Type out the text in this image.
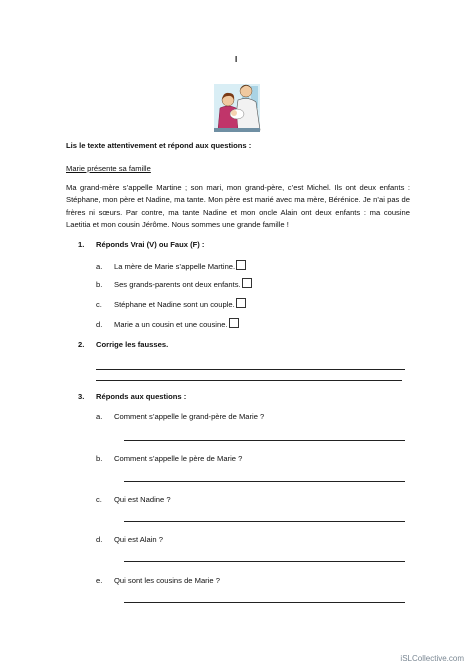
I
Lis le texte attentivement et répond aux questions :
Marie présente sa famille
Ma grand-mère s’appelle Martine ; son mari, mon grand-père, c’est Michel. Ils ont deux enfants : Stéphane, mon père et Nadine, ma tante. Mon père est marié avec ma mère, Bérénice. Je n’ai pas de frères ni sœurs. Par contre, ma tante Nadine et mon oncle Alain ont deux enfants : ma cousine Laetitia et mon cousin Jérôme. Nous sommes une grande famille !
1. Réponds Vrai (V) ou Faux (F) :
a. La mère de Marie s’appelle Martine.
b. Ses grands-parents ont deux enfants.
c. Stéphane et Nadine sont un couple.
d. Marie a un cousin et une cousine.
2. Corrige les fausses.
3. Réponds aux questions :
a. Comment s’appelle le grand-père de Marie ?
b. Comment s’appelle le père de Marie ?
c. Qui est Nadine ?
d. Qui est Alain ?
e. Qui sont les cousins de Marie ?
iSLCollective.com
